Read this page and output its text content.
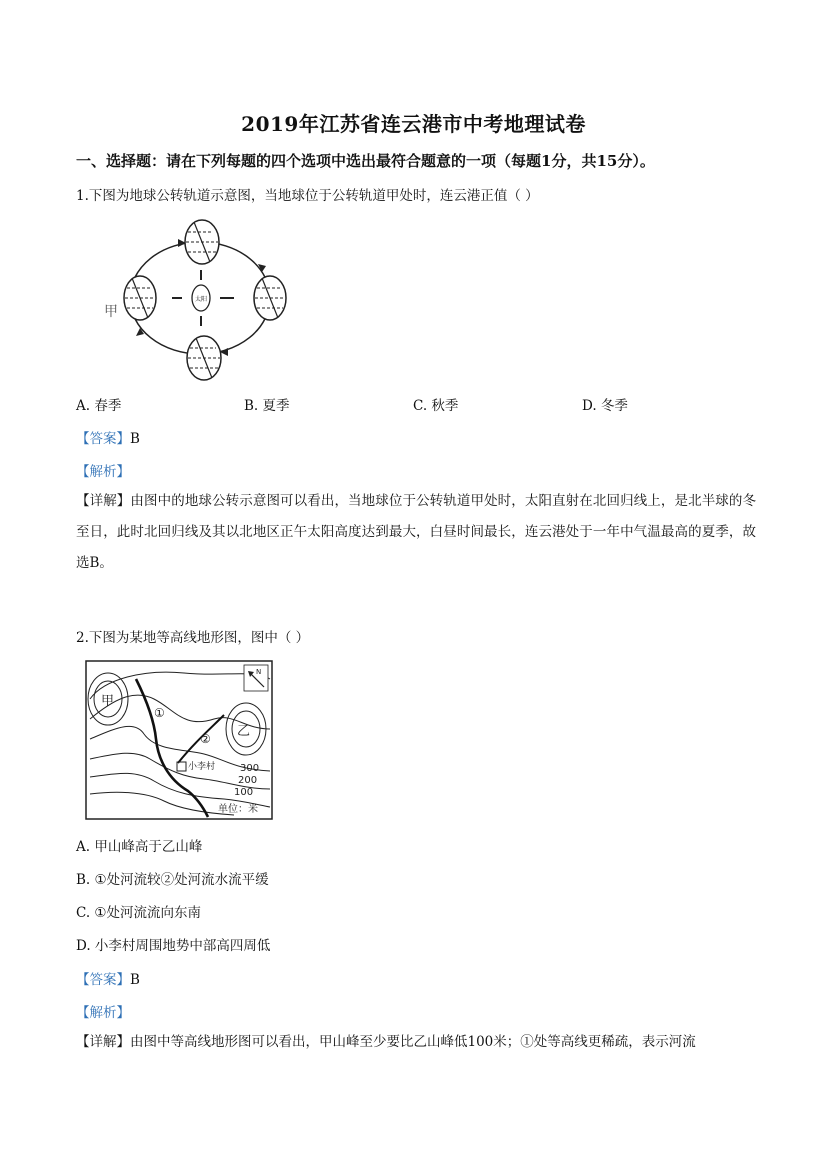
2019年江苏省连云港市中考地理试卷
一、选择题：请在下列每题的四个选项中选出最符合题意的一项（每题1分，共15分）。
1.下图为地球公转轨道示意图，当地球位于公转轨道甲处时，连云港正值（ ）
太阳
甲
A. 春季	B. 夏季	C. 秋季	D. 冬季
【答案】B
【解析】
【详解】由图中的地球公转示意图可以看出，当地球位于公转轨道甲处时，太阳直射在北回归线上，是北半球的冬至日，此时北回归线及其以北地区正午太阳高度达到最大，白昼时间最长，连云港处于一年中气温最高的夏季，故选B。
2.下图为某地等高线地形图，图中（ ）
甲
乙
①
②
小李村 300
200
100
单位：米
N
A. 甲山峰高于乙山峰
B. ①处河流较②处河流水流平缓
C. ①处河流流向东南
D. 小李村周围地势中部高四周低
【答案】B
【解析】
【详解】由图中等高线地形图可以看出，甲山峰至少要比乙山峰低100米；①处等高线更稀疏，表示河流
